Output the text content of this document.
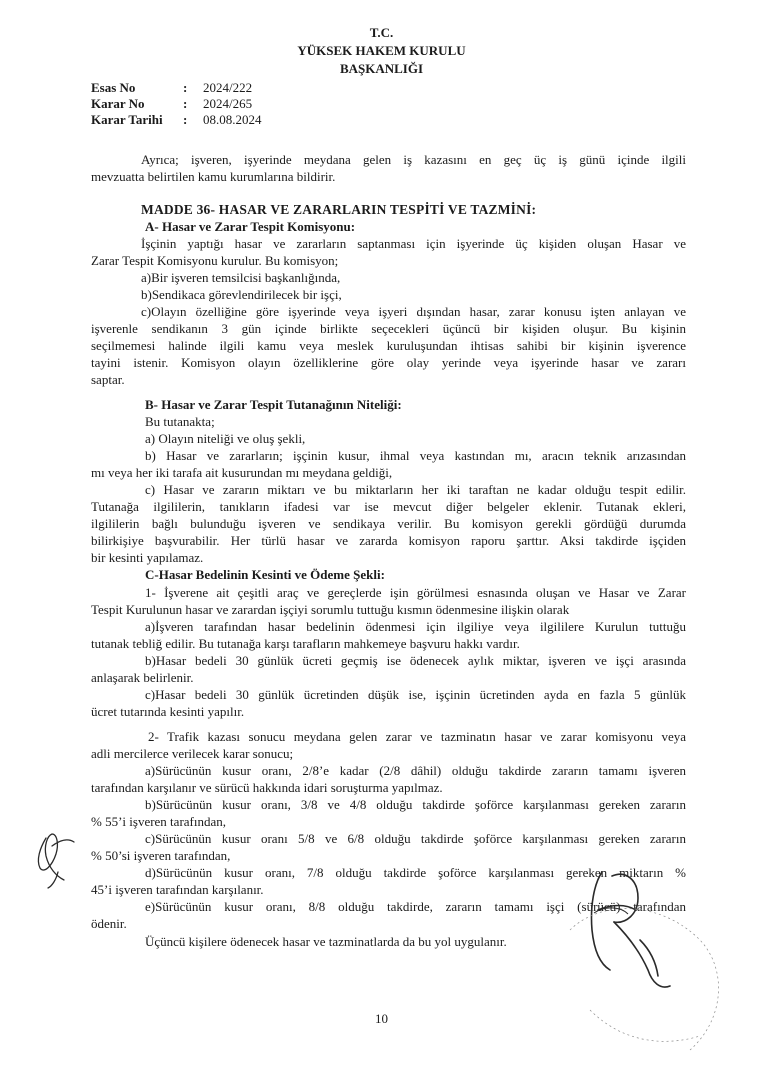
T.C.
YÜKSEK HAKEM KURULU
BAŞKANLIĞI
Esas No	: 2024/222
Karar No	: 2024/265
Karar Tarihi : 08.08.2024
Ayrıca; işveren, işyerinde meydana gelen iş kazasını en geç üç iş günü içinde ilgili
mevzuatta belirtilen kamu kurumlarına bildirir.
MADDE 36- HASAR VE ZARARLARIN TESPİTİ VE TAZMİNİ:
A- Hasar ve Zarar Tespit Komisyonu:
İşçinin yaptığı hasar ve zararların saptanması için işyerinde üç kişiden oluşan Hasar ve
Zarar Tespit Komisyonu kurulur. Bu komisyon;
a)Bir işveren temsilcisi başkanlığında,
b)Sendikaca görevlendirilecek bir işçi,
c)Olayın özelliğine göre işyerinde veya işyeri dışından hasar, zarar konusu işten anlayan ve
işverenle sendikanın 3 gün içinde birlikte seçecekleri üçüncü bir kişiden oluşur. Bu kişinin
seçilmemesi halinde ilgili kamu veya meslek kuruluşundan ihtisas sahibi bir kişinin işverence
tayini istenir. Komisyon olayın özelliklerine göre olay yerinde veya işyerinde hasar ve zararı
saptar.
B- Hasar ve Zarar Tespit Tutanağının Niteliği:
Bu tutanakta;
a) Olayın niteliği ve oluş şekli,
b) Hasar ve zararların; işçinin kusur, ihmal veya kastından mı, aracın teknik arızasından
mı veya her iki tarafa ait kusurundan mı meydana geldiği,
c) Hasar ve zararın miktarı ve bu miktarların her iki taraftan ne kadar olduğu tespit edilir.
Tutanağa ilgililerin, tanıkların ifadesi var ise mevcut diğer belgeler eklenir. Tutanak ekleri,
ilgililerin bağlı bulunduğu işveren ve sendikaya verilir. Bu komisyon gerekli gördüğü durumda
bilirkişiye başvurabilir. Her türlü hasar ve zararda komisyon raporu şarttır. Aksi takdirde işçiden
bir kesinti yapılamaz.
C-Hasar Bedelinin Kesinti ve Ödeme Şekli:
1- İşverene ait çeşitli araç ve gereçlerde işin görülmesi esnasında oluşan ve Hasar ve Zarar
Tespit Kurulunun hasar ve zarardan işçiyi sorumlu tuttuğu kısmın ödenmesine ilişkin olarak
a)İşveren tarafından hasar bedelinin ödenmesi için ilgiliye veya ilgililere Kurulun tuttuğu
tutanak tebliğ edilir. Bu tutanağa karşı tarafların mahkemeye başvuru hakkı vardır.
b)Hasar bedeli 30 günlük ücreti geçmiş ise ödenecek aylık miktar, işveren ve işçi arasında
anlaşarak belirlenir.
c)Hasar bedeli 30 günlük ücretinden düşük ise, işçinin ücretinden ayda en fazla 5 günlük
ücret tutarında kesinti yapılır.
2- Trafik kazası sonucu meydana gelen zarar ve tazminatın hasar ve zarar komisyonu veya
adli mercilerce verilecek karar sonucu;
a)Sürücünün kusur oranı, 2/8’e kadar (2/8 dâhil) olduğu takdirde zararın tamamı işveren
tarafından karşılanır ve sürücü hakkında idari soruşturma yapılmaz.
b)Sürücünün kusur oranı, 3/8 ve 4/8 olduğu takdirde şoförce karşılanması gereken zararın
% 55’i işveren tarafından,
c)Sürücünün kusur oranı 5/8 ve 6/8 olduğu takdirde şoförce karşılanması gereken zararın
% 50’si işveren tarafından,
d)Sürücünün kusur oranı, 7/8 olduğu takdirde şoförce karşılanması gereken miktarın %
45’i işveren tarafından karşılanır.
e)Sürücünün kusur oranı, 8/8 olduğu takdirde, zararın tamamı işçi (sürücü) tarafından
ödenir.
Üçüncü kişilere ödenecek hasar ve tazminatlarda da bu yol uygulanır.
10
